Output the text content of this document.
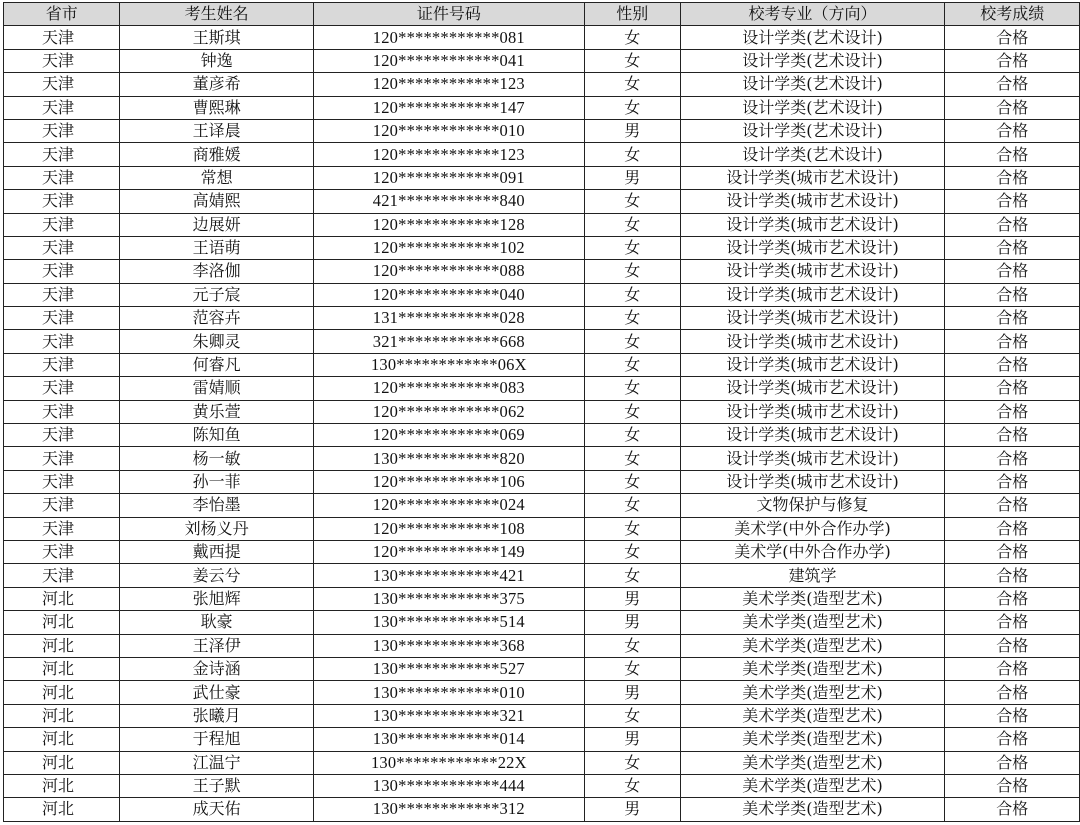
省市	考生姓名	证件号码	性别	校考专业（方向）	校考成绩
天津	王斯琪	120************081	女	设计学类(艺术设计)	合格
天津	钟逸	120************041	女	设计学类(艺术设计)	合格
天津	董彦希	120************123	女	设计学类(艺术设计)	合格
天津	曹熙琳	120************147	女	设计学类(艺术设计)	合格
天津	王译晨	120************010	男	设计学类(艺术设计)	合格
天津	商雅媛	120************123	女	设计学类(艺术设计)	合格
天津	常想	120************091	男	设计学类(城市艺术设计)	合格
天津	高婧熙	421************840	女	设计学类(城市艺术设计)	合格
天津	边展妍	120************128	女	设计学类(城市艺术设计)	合格
天津	王语萌	120************102	女	设计学类(城市艺术设计)	合格
天津	李洛伽	120************088	女	设计学类(城市艺术设计)	合格
天津	元子宸	120************040	女	设计学类(城市艺术设计)	合格
天津	范容卉	131************028	女	设计学类(城市艺术设计)	合格
天津	朱卿灵	321************668	女	设计学类(城市艺术设计)	合格
天津	何睿凡	130************06X	女	设计学类(城市艺术设计)	合格
天津	雷婧顺	120************083	女	设计学类(城市艺术设计)	合格
天津	黄乐萱	120************062	女	设计学类(城市艺术设计)	合格
天津	陈知鱼	120************069	女	设计学类(城市艺术设计)	合格
天津	杨一敏	130************820	女	设计学类(城市艺术设计)	合格
天津	孙一菲	120************106	女	设计学类(城市艺术设计)	合格
天津	李怡墨	120************024	女	文物保护与修复	合格
天津	刘杨义丹	120************108	女	美术学(中外合作办学)	合格
天津	戴西提	120************149	女	美术学(中外合作办学)	合格
天津	姜云兮	130************421	女	建筑学	合格
河北	张旭辉	130************375	男	美术学类(造型艺术)	合格
河北	耿豪	130************514	男	美术学类(造型艺术)	合格
河北	王泽伊	130************368	女	美术学类(造型艺术)	合格
河北	金诗涵	130************527	女	美术学类(造型艺术)	合格
河北	武仕豪	130************010	男	美术学类(造型艺术)	合格
河北	张曦月	130************321	女	美术学类(造型艺术)	合格
河北	于程旭	130************014	男	美术学类(造型艺术)	合格
河北	江温宁	130************22X	女	美术学类(造型艺术)	合格
河北	王子默	130************444	女	美术学类(造型艺术)	合格
河北	成天佑	130************312	男	美术学类(造型艺术)	合格
